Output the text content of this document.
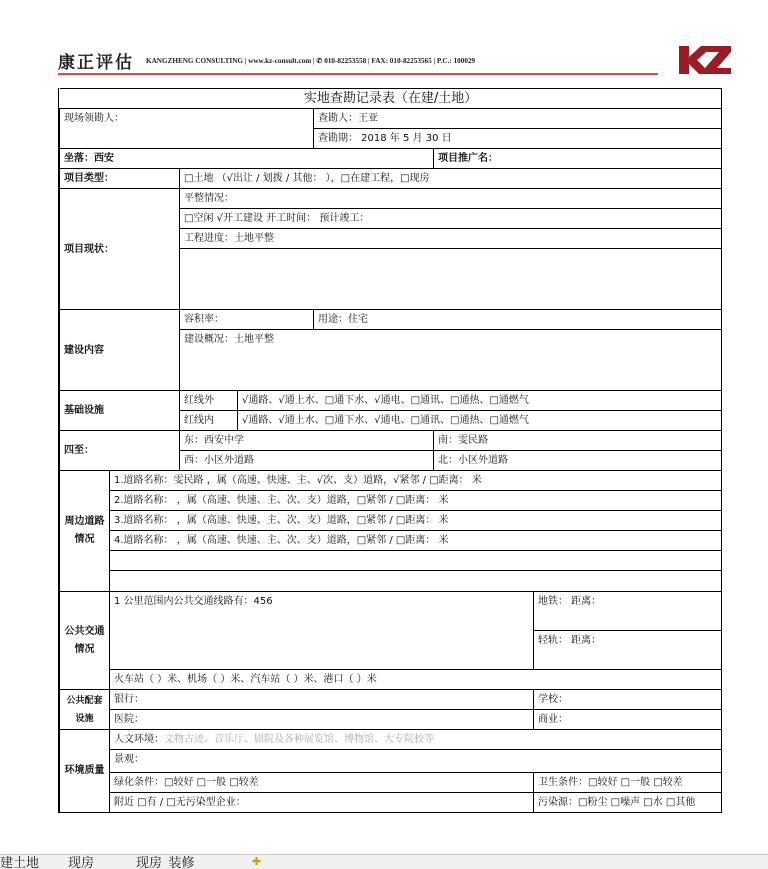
康正评估 KANGZHENG CONSULTING | www.kz-consult.com | ✆ 010-82253558 | FAX: 010-82253565 | P.C.: 100029
实地查勘记录表（在建/土地）						
现场领勘人：				查勘人：王亚		
				查勘期： 2018 年 5 月 30 日		
坐落：西安					项目推广名：	
项目类型：		□土地 （√出让 / 划拨 / 其他： ），□在建工程，□现房				
项目现状：		平整情况：				
		□空闲 √开工建设 开工时间： 预计竣工：				
		工程进度：土地平整				

建设内容		容积率：		用途：住宅		
		建设概况：土地平整				
基础设施		红线外	√通路、√通上水、□通下水、√通电、□通讯、□通热、□通燃气			
		红线内	√通路、√通上水、□通下水、√通电、□通讯、□通热、□通燃气			
四至：		东：西安中学			南：雯民路	
		西：小区外道路			北：小区外道路	
周边道路情况	1.道路名称：雯民路 ，属（高速、快速、主、√次、支）道路，√紧邻 / □距离： 米					
	2.道路名称： ，属（高速、快速、主、次、支）道路，□紧邻 / □距离： 米					
	3.道路名称： ，属（高速、快速、主、次、支）道路，□紧邻 / □距离： 米					
	4.道路名称： ，属（高速、快速、主、次、支）道路，□紧邻 / □距离： 米					

公共交通情况	1 公里范围内公共交通线路有：456					地铁： 距离：
						轻轨： 距离：
	火车站（ ）米、机场（ ）米、汽车站（ ）米、港口（ ）米					
公共配套设施	银行：					学校：
	医院：					商业：
环境质量	人文环境：文物古迹、音乐厅、剧院及各种展览馆、博物馆、大专院校等					
	景观：					
	绿化条件：□较好 □一般 □较差					卫生条件：□较好 □一般 □较差
	附近 □有 / □无污染型企业：					污染源：□粉尘 □噪声 □水 □其他
建土地 现房	现房_装修	✚
